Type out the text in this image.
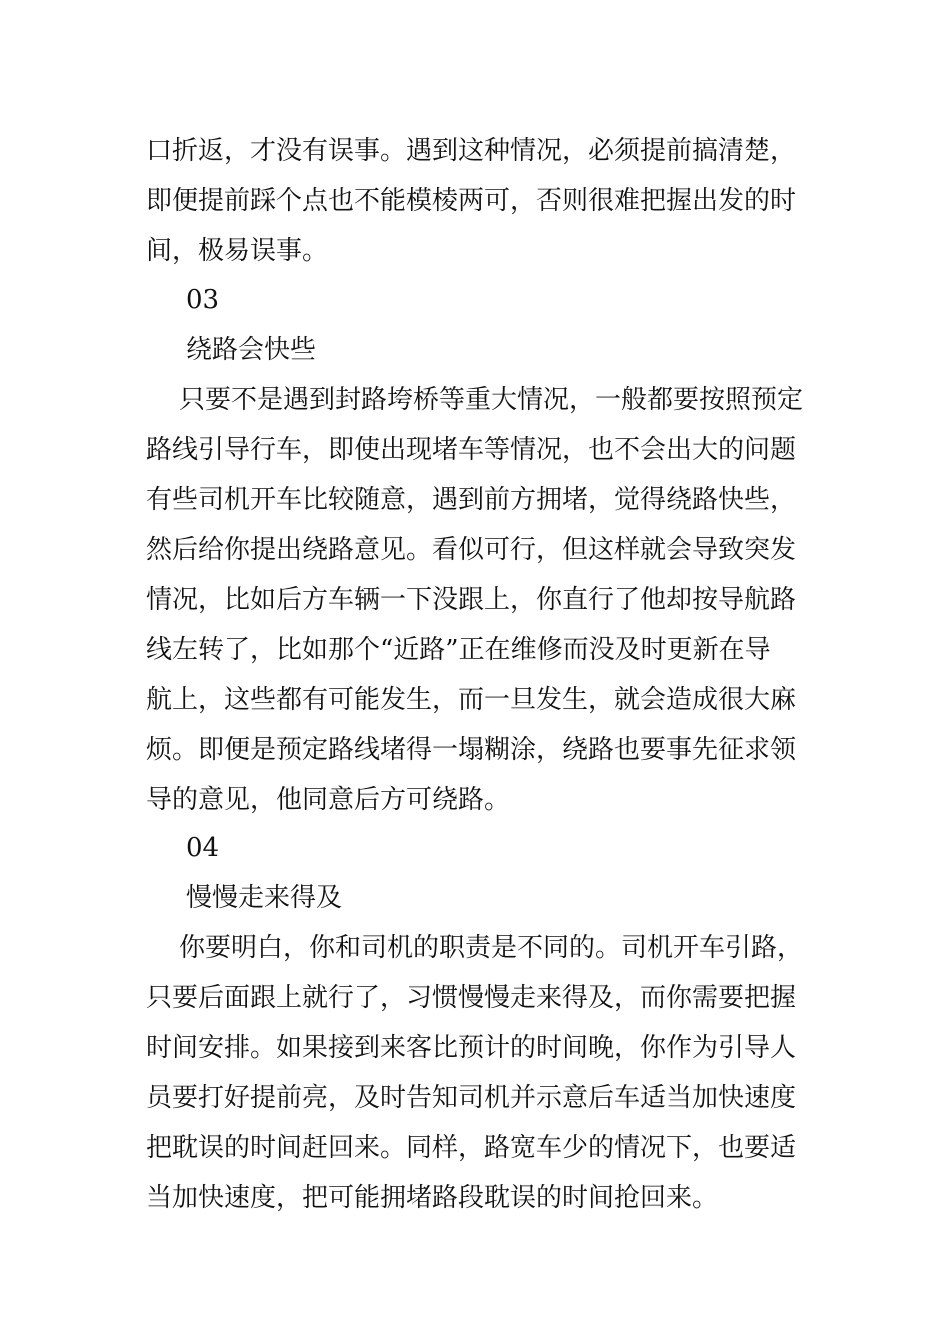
口折返，才没有误事。遇到这种情况，必须提前搞清楚，
即便提前踩个点也不能模棱两可，否则很难把握出发的时
间，极易误事。
03
绕路会快些
只要不是遇到封路垮桥等重大情况，一般都要按照预定
路线引导行车，即使出现堵车等情况，也不会出大的问题
有些司机开车比较随意，遇到前方拥堵，觉得绕路快些，
然后给你提出绕路意见。看似可行，但这样就会导致突发
情况，比如后方车辆一下没跟上，你直行了他却按导航路
线左转了，比如那个“近路”正在维修而没及时更新在导
航上，这些都有可能发生，而一旦发生，就会造成很大麻
烦。即便是预定路线堵得一塌糊涂，绕路也要事先征求领
导的意见，他同意后方可绕路。
04
慢慢走来得及
你要明白，你和司机的职责是不同的。司机开车引路，
只要后面跟上就行了，习惯慢慢走来得及，而你需要把握
时间安排。如果接到来客比预计的时间晚，你作为引导人
员要打好提前亮，及时告知司机并示意后车适当加快速度
把耽误的时间赶回来。同样，路宽车少的情况下，也要适
当加快速度，把可能拥堵路段耽误的时间抢回来。
